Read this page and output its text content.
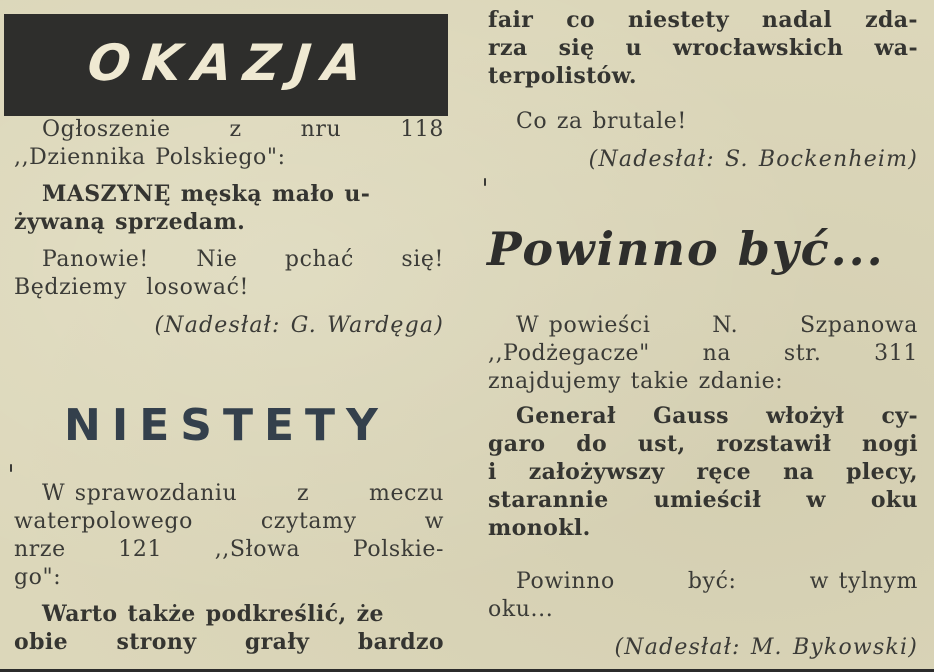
OKAZJA
Ogłoszenie	z	nru	118
,,Dziennika Polskiego":
MASZYNĘ męską mało u-
żywaną sprzedam.
Panowie! Nie pchać się!
Będziemy losować!
(Nadesłał: G. Wardęga)
NIESTETY
W sprawozdaniu	z	meczu
waterpolowego	czytamy	w
nrze 121 ,,Słowa Polskie-
go":
Warto także podkreślić, że
obie strony grały bardzo
fair co niestety nadal zda-
rza się u wrocławskich wa-
terpolistów.
Co za brutale!
(Nadesłał: S. Bockenheim)
Powinno być...
W powieści	N.	Szpanowa
,,Podżegacze" na str. 311
znajdujemy takie zdanie:
Generał Gauss włożył cy-
garo do ust, rozstawił nogi
i założywszy ręce na plecy,
starannie umieścił w oku
monokl.
Powinno	być:	w tylnym
oku...
(Nadesłał: M. Bykowski)
